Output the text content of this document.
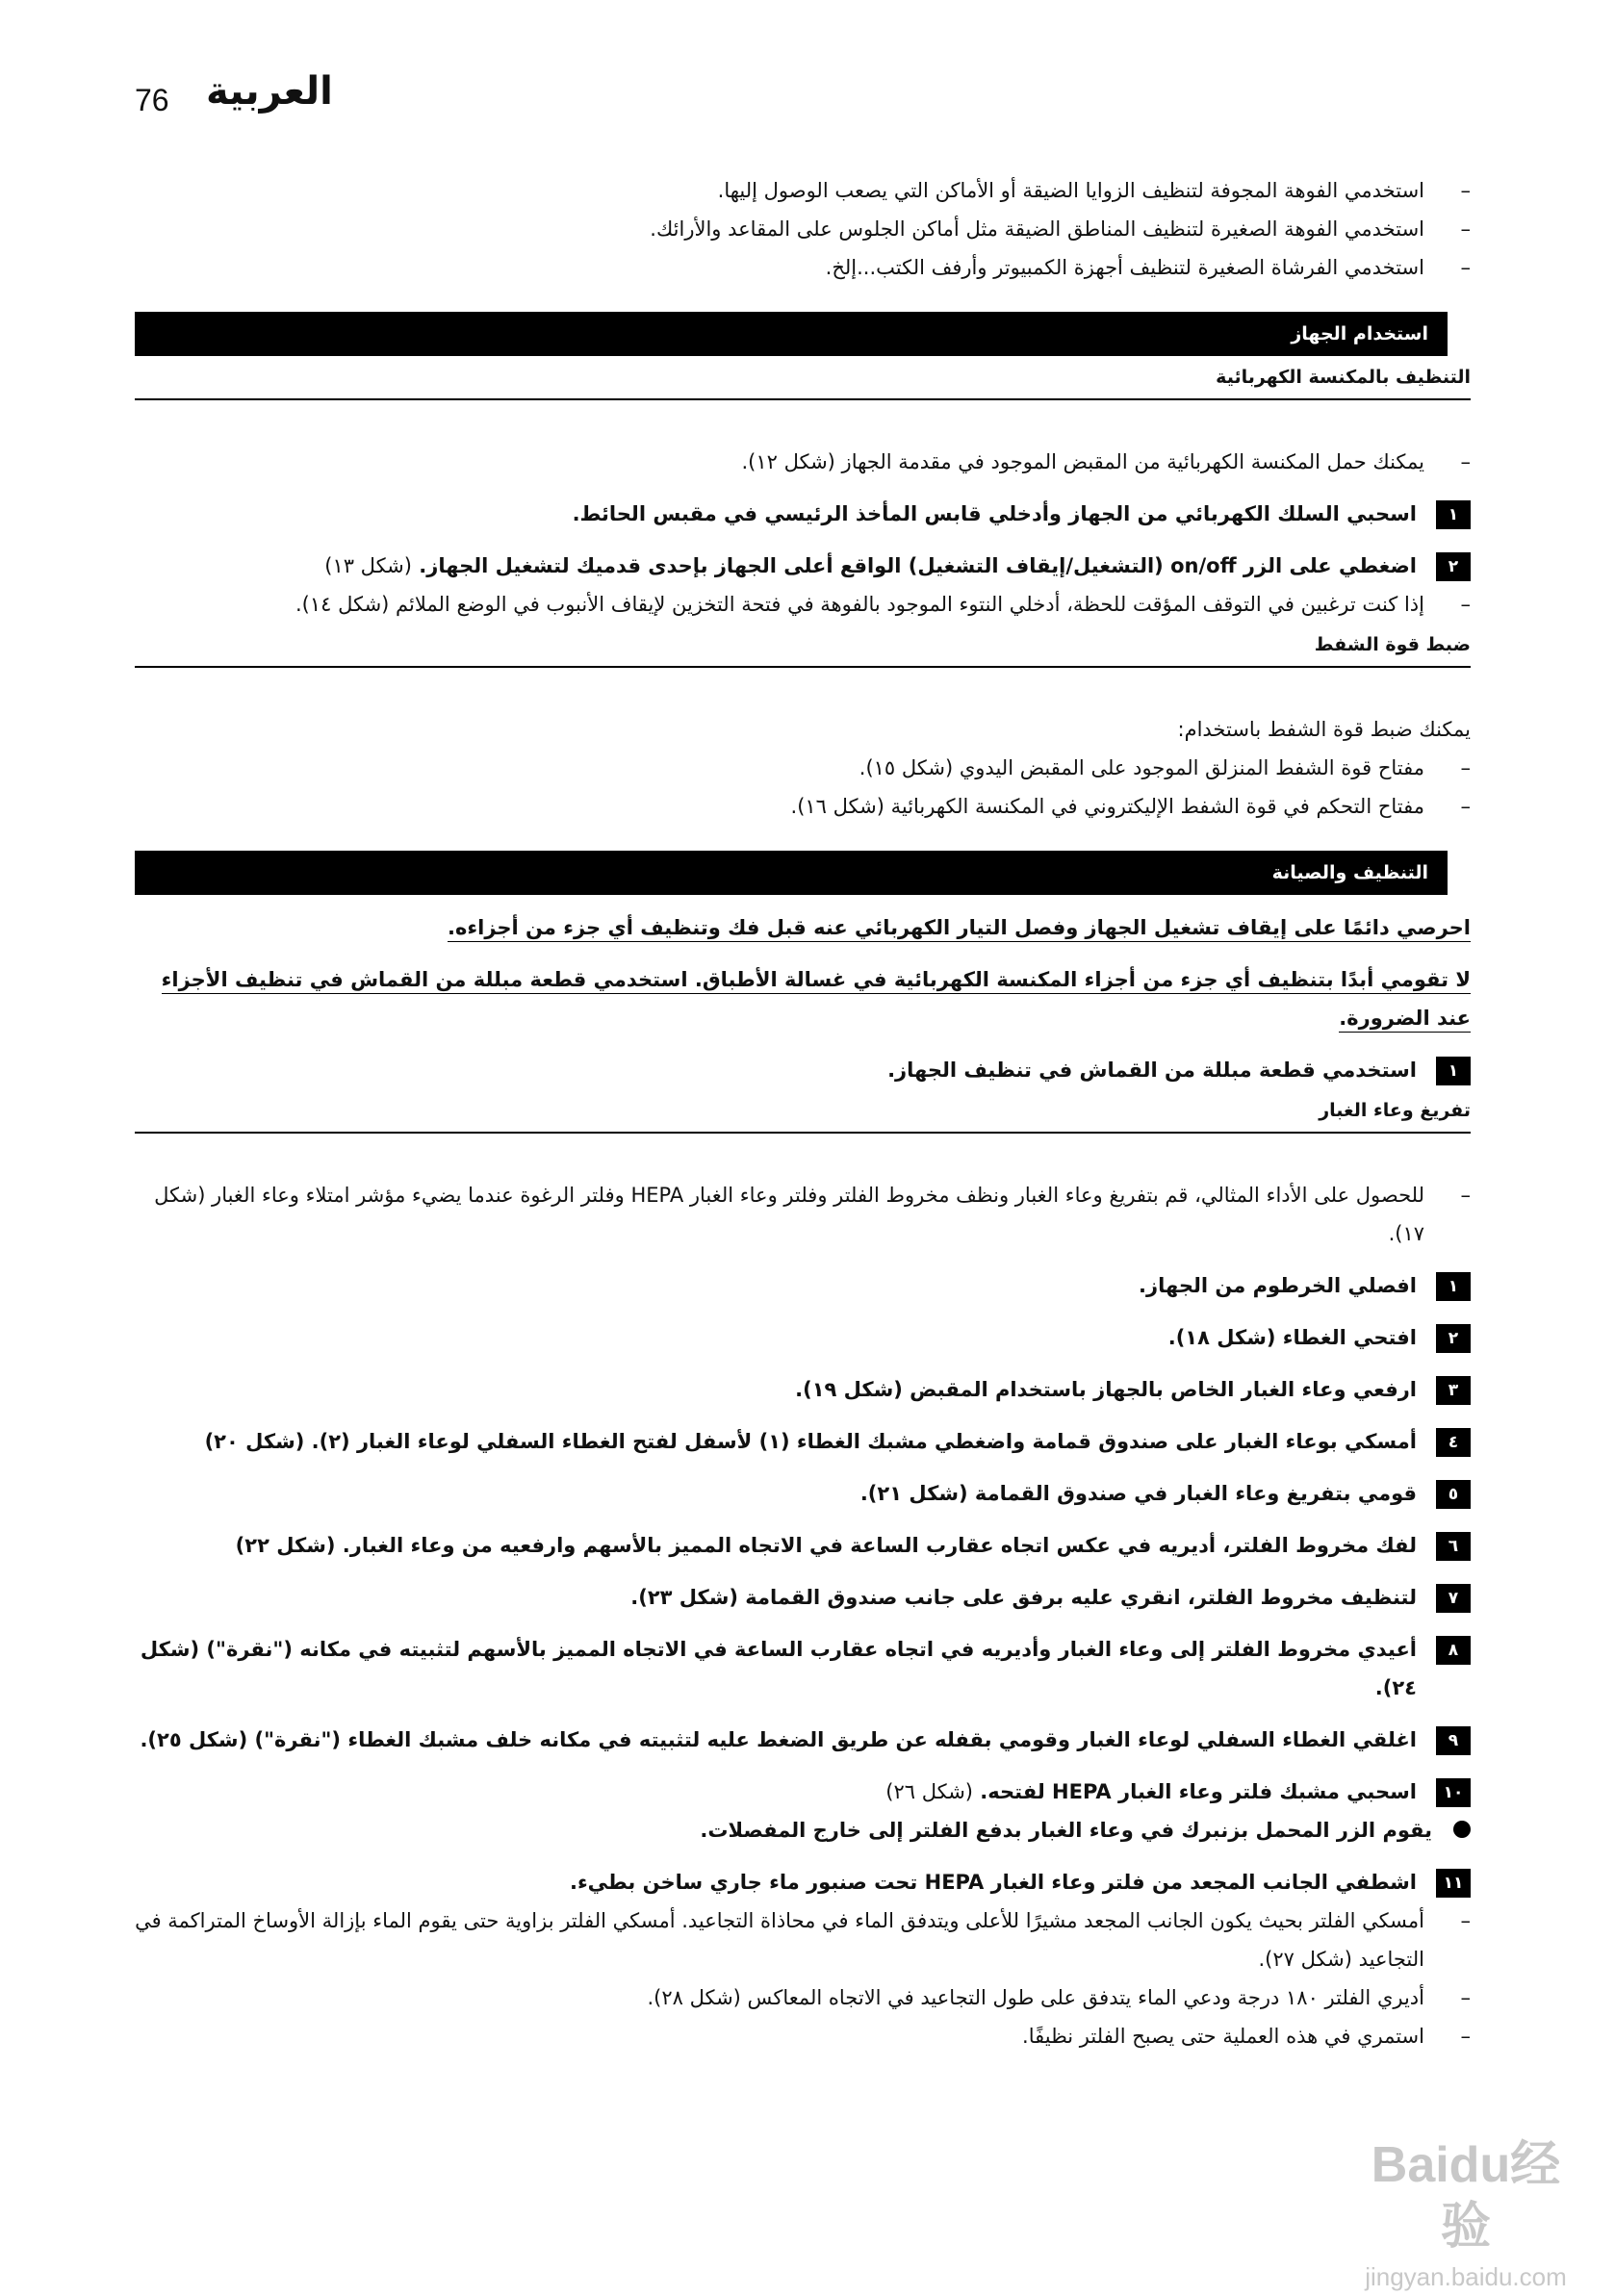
76 العربية
–
استخدمي الفوهة المجوفة لتنظيف الزوايا الضيقة أو الأماكن التي يصعب الوصول إليها.
–
استخدمي الفوهة الصغيرة لتنظيف المناطق الضيقة مثل أماكن الجلوس على المقاعد والأرائك.
–
استخدمي الفرشاة الصغيرة لتنظيف أجهزة الكمبيوتر وأرفف الكتب...إلخ.
استخدام الجهاز
التنظيف بالمكنسة الكهربائية
–
يمكنك حمل المكنسة الكهربائية من المقبض الموجود في مقدمة الجهاز (شكل ١٢).
١
اسحبي السلك الكهربائي من الجهاز وأدخلي قابس المأخذ الرئيسي في مقبس الحائط.
٢
اضغطي على الزر on/off (التشغيل/إيقاف التشغيل) الواقع أعلى الجهاز بإحدى قدميك لتشغيل الجهاز. (شكل ١٣)
–
إذا كنت ترغبين في التوقف المؤقت للحظة، أدخلي النتوء الموجود بالفوهة في فتحة التخزين لإيقاف الأنبوب في الوضع الملائم (شكل ١٤).
ضبط قوة الشفط

يمكنك ضبط قوة الشفط باستخدام:

–
مفتاح قوة الشفط المنزلق الموجود على المقبض اليدوي (شكل ١٥).
–
مفتاح التحكم في قوة الشفط الإليكتروني في المكنسة الكهربائية (شكل ١٦).
التنظيف والصيانة

احرصي دائمًا على إيقاف تشغيل الجهاز وفصل التيار الكهربائي عنه قبل فك وتنظيف أي جزء من أجزاءه.

لا تقومي أبدًا بتنظيف أي جزء من أجزاء المكنسة الكهربائية في غسالة الأطباق. استخدمي قطعة مبللة من القماش في تنظيف الأجزاء عند الضرورة.

١
استخدمي قطعة مبللة من القماش في تنظيف الجهاز.
تفريغ وعاء الغبار
–
للحصول على الأداء المثالي، قم بتفريغ وعاء الغبار ونظف مخروط الفلتر وفلتر وعاء الغبار HEPA وفلتر الرغوة عندما يضيء مؤشر امتلاء وعاء الغبار (شكل ١٧).
١
افصلي الخرطوم من الجهاز.
٢
افتحي الغطاء (شكل ١٨).
٣
ارفعي وعاء الغبار الخاص بالجهاز باستخدام المقبض (شكل ١٩).
٤
أمسكي بوعاء الغبار على صندوق قمامة واضغطي مشبك الغطاء (١) لأسفل لفتح الغطاء السفلي لوعاء الغبار (٢). (شكل ٢٠)
٥
قومي بتفريغ وعاء الغبار في صندوق القمامة (شكل ٢١).
٦
لفك مخروط الفلتر، أديريه في عكس اتجاه عقارب الساعة في الاتجاه المميز بالأسهم وارفعيه من وعاء الغبار. (شكل ٢٢)
٧
لتنظيف مخروط الفلتر، انقري عليه برفق على جانب صندوق القمامة (شكل ٢٣).
٨
أعيدي مخروط الفلتر إلى وعاء الغبار وأديريه في اتجاه عقارب الساعة في الاتجاه المميز بالأسهم لتثبيته في مكانه ("نقرة") (شكل ٢٤).
٩
اغلقي الغطاء السفلي لوعاء الغبار وقومي بقفله عن طريق الضغط عليه لتثبيته في مكانه خلف مشبك الغطاء ("نقرة") (شكل ٢٥).
١٠
اسحبي مشبك فلتر وعاء الغبار HEPA لفتحه. (شكل ٢٦)
يقوم الزر المحمل بزنبرك في وعاء الغبار بدفع الفلتر إلى خارج المفصلات.
١١
اشطفي الجانب المجعد من فلتر وعاء الغبار HEPA تحت صنبور ماء جاري ساخن بطيء.
–
أمسكي الفلتر بحيث يكون الجانب المجعد مشيرًا للأعلى ويتدفق الماء في محاذاة التجاعيد. أمسكي الفلتر بزاوية حتى يقوم الماء بإزالة الأوساخ المتراكمة في التجاعيد (شكل ٢٧).
–
أديري الفلتر ١٨٠ درجة ودعي الماء يتدفق على طول التجاعيد في الاتجاه المعاكس (شكل ٢٨).
–
استمري في هذه العملية حتى يصبح الفلتر نظيفًا.
Baidu经验
jingyan.baidu.com
